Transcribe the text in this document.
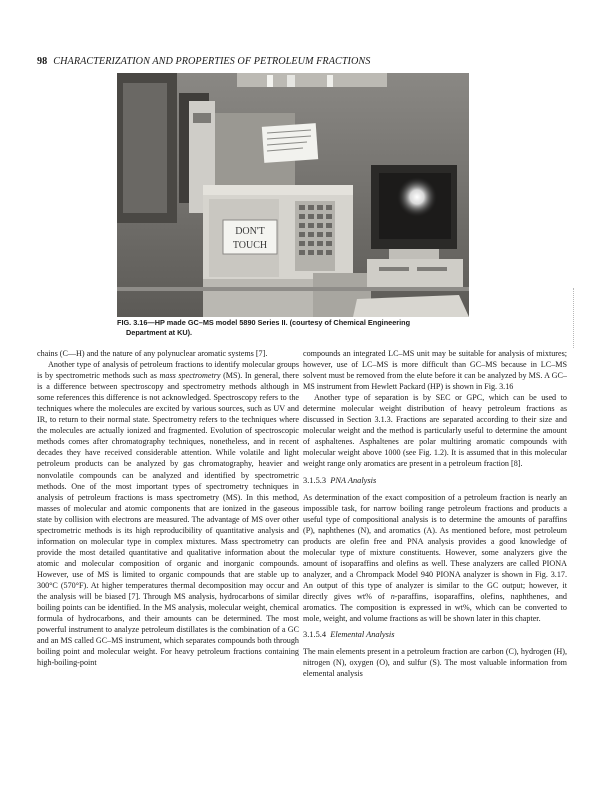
98 CHARACTERIZATION AND PROPERTIES OF PETROLEUM FRACTIONS
DON'T
TOUCH
FIG. 3.16—HP made GC–MS model 5890 Series II. (courtesy of Chemical Engineering
Department at KU).

chains (C—H) and the nature of any polynuclear aromatic systems [7].

Another type of analysis of petroleum fractions to identify molecular groups is by spectrometric methods such as mass spectrometry (MS). In general, there is a difference between spectroscopy and spectrometry methods although in some references this difference is not acknowledged. Spectroscopy refers to the techniques where the molecules are excited by various sources, such as UV and IR, to return to their normal state. Spectrometry refers to the techniques where the molecules are actually ionized and fragmented. Evolution of spectroscopic methods comes after chromatography techniques, nonetheless, and in recent decades they have received considerable attention. While volatile and light petroleum products can be analyzed by gas chromatography, heavier and nonvolatile compounds can be analyzed and identified by spectrometric methods. One of the most important types of spectrometry techniques in analysis of petroleum fractions is mass spectrometry (MS). In this method, masses of molecular and atomic components that are ionized in the gaseous state by collision with electrons are measured. The advantage of MS over other spectrometric methods is its high reproducibility of quantitative analysis and information on molecular type in complex mixtures. Mass spectrometry can provide the most detailed quantitative and qualitative information about the atomic and molecular composition of organic and inorganic compounds. However, use of MS is limited to organic compounds that are stable up to 300°C (570°F). At higher temperatures thermal decomposition may occur and the analysis will be biased [7]. Through MS analysis, hydrocarbons of similar boiling points can be identified. In the MS analysis, molecular weight, chemical formula of hydrocarbons, and their amounts can be determined. The most powerful instrument to analyze petroleum distillates is the combination of a GC and an MS called GC–MS instrument, which separates compounds both through boiling point and molecular weight. For heavy petroleum fractions containing high-boiling-point

compounds an integrated LC–MS unit may be suitable for analysis of mixtures; however, use of LC–MS is more difficult than GC–MS because in LC–MS solvent must be removed from the elute before it can be analyzed by MS. A GC–MS instrument from Hewlett Packard (HP) is shown in Fig. 3.16

Another type of separation is by SEC or GPC, which can be used to determine molecular weight distribution of heavy petroleum fractions as discussed in Section 3.1.3. Fractions are separated according to their size and molecular weight and the method is particularly useful to determine the amount of asphaltenes. Asphaltenes are polar multiring aromatic compounds with molecular weight above 1000 (see Fig. 1.2). It is assumed that in this molecular weight range only aromatics are present in a petroleum fraction [8].

3.1.5.3 PNA Analysis

As determination of the exact composition of a petroleum fraction is nearly an impossible task, for narrow boiling range petroleum fractions and products a useful type of compositional analysis is to determine the amounts of paraffins (P), naphthenes (N), and aromatics (A). As mentioned before, most petroleum products are olefin free and PNA analysis provides a good knowledge of molecular type of mixture constituents. However, some analyzers give the amount of isoparaffins and olefins as well. These analyzers are called PIONA analyzer, and a Chrompack Model 940 PIONA analyzer is shown in Fig. 3.17. An output of this type of analyzer is similar to the GC output; however, it directly gives wt% of n-paraffins, isoparaffins, olefins, naphthenes, and aromatics. The composition is expressed in wt%, which can be converted to mole, weight, and volume fractions as will be shown later in this chapter.

3.1.5.4 Elemental Analysis

The main elements present in a petroleum fraction are carbon (C), hydrogen (H), nitrogen (N), oxygen (O), and sulfur (S). The most valuable information from elemental analysis
